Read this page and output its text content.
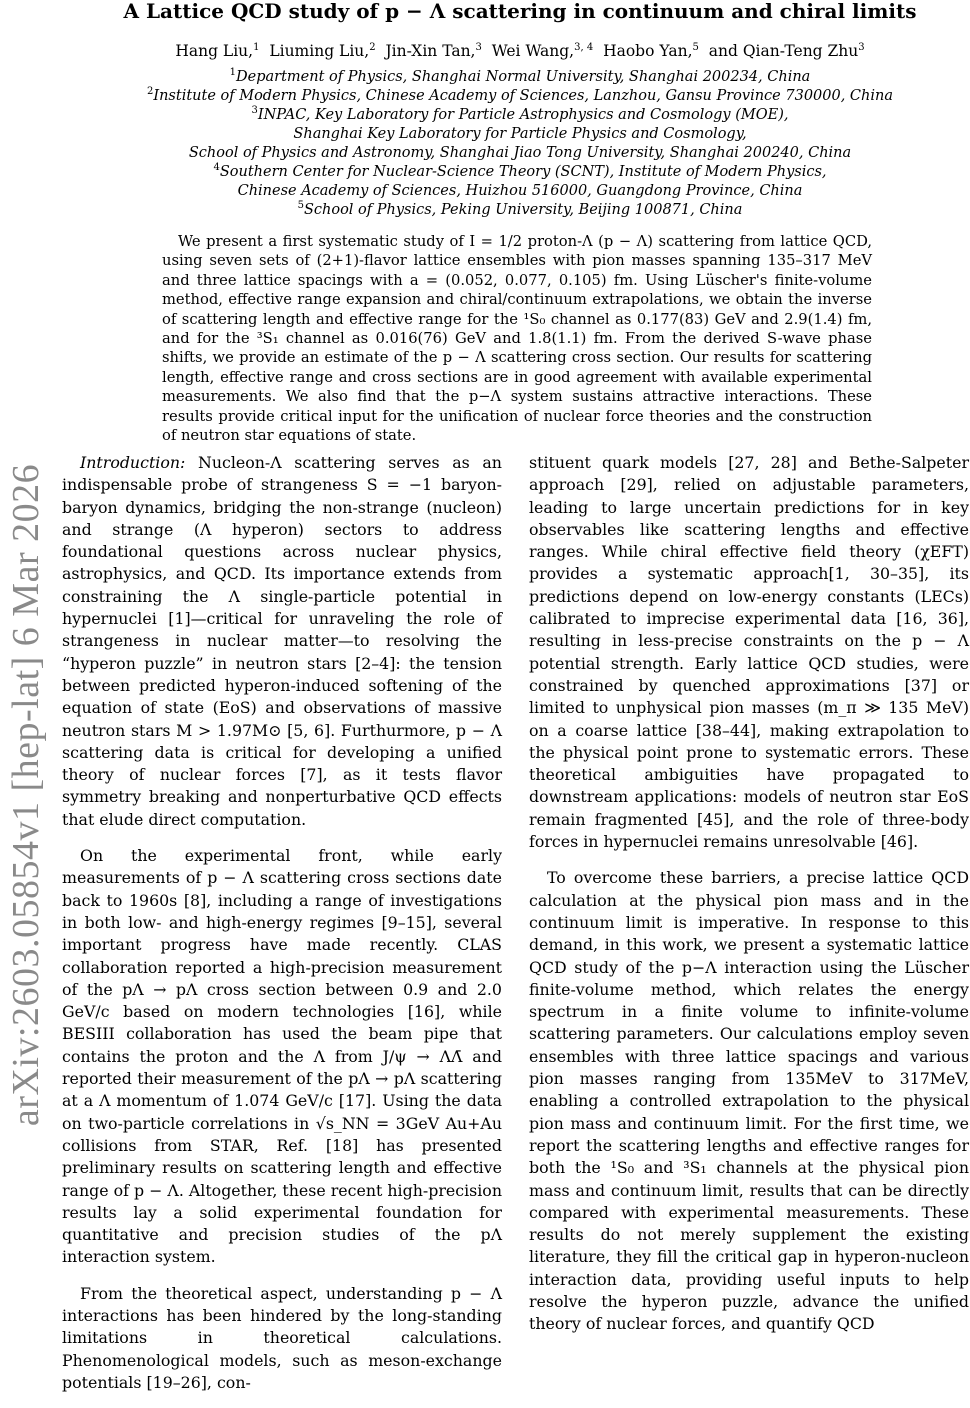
arXiv:2603.05854v1 [hep-lat] 6 Mar 2026
A Lattice QCD study of p − Λ scattering in continuum and chiral limits
Hang Liu,$^1$ Liuming Liu,$^2$ Jin-Xin Tan,$^3$ Wei Wang,$^{3, 4}$ Haobo Yan,$^5$ and Qian-Teng Zhu$^3$
$^1$Department of Physics, Shanghai Normal University, Shanghai 200234, China
$^2$Institute of Modern Physics, Chinese Academy of Sciences, Lanzhou, Gansu Province 730000, China
$^3$INPAC, Key Laboratory for Particle Astrophysics and Cosmology (MOE),
Shanghai Key Laboratory for Particle Physics and Cosmology,
School of Physics and Astronomy, Shanghai Jiao Tong University, Shanghai 200240, China
$^4$Southern Center for Nuclear-Science Theory (SCNT), Institute of Modern Physics,
Chinese Academy of Sciences, Huizhou 516000, Guangdong Province, China
$^5$School of Physics, Peking University, Beijing 100871, China
We present a first systematic study of I = 1/2 proton-Λ (p − Λ) scattering from lattice QCD, using seven sets of (2+1)-flavor lattice ensembles with pion masses spanning 135–317 MeV and three lattice spacings with a = (0.052, 0.077, 0.105) fm. Using Lüscher's finite-volume method, effective range expansion and chiral/continuum extrapolations, we obtain the inverse of scattering length and effective range for the ¹S₀ channel as 0.177(83) GeV and 2.9(1.4) fm, and for the ³S₁ channel as 0.016(76) GeV and 1.8(1.1) fm. From the derived S-wave phase shifts, we provide an estimate of the p − Λ scattering cross section. Our results for scattering length, effective range and cross sections are in good agreement with available experimental measurements. We also find that the p−Λ system sustains attractive interactions. These results provide critical input for the unification of nuclear force theories and the construction of neutron star equations of state.

Introduction: Nucleon-Λ scattering serves as an indispensable probe of strangeness S = −1 baryon-baryon dynamics, bridging the non-strange (nucleon) and strange (Λ hyperon) sectors to address foundational questions across nuclear physics, astrophysics, and QCD. Its importance extends from constraining the Λ single-particle potential in hypernuclei [1]—critical for unraveling the role of strangeness in nuclear matter—to resolving the “hyperon puzzle” in neutron stars [2–4]: the tension between predicted hyperon-induced softening of the equation of state (EoS) and observations of massive neutron stars M > 1.97M⊙ [5, 6]. Furthurmore, p − Λ scattering data is critical for developing a unified theory of nuclear forces [7], as it tests flavor symmetry breaking and nonperturbative QCD effects that elude direct computation.

On the experimental front, while early measurements of p − Λ scattering cross sections date back to 1960s [8], including a range of investigations in both low- and high-energy regimes [9–15], several important progress have made recently. CLAS collaboration reported a high-precision measurement of the pΛ → pΛ cross section between 0.9 and 2.0 GeV/c based on modern technologies [16], while BESIII collaboration has used the beam pipe that contains the proton and the Λ from J/ψ → ΛΛ̄ and reported their measurement of the pΛ → pΛ scattering at a Λ momentum of 1.074 GeV/c [17]. Using the data on two-particle correlations in √s_NN = 3GeV Au+Au collisions from STAR, Ref. [18] has presented preliminary results on scattering length and effective range of p − Λ. Altogether, these recent high-precision results lay a solid experimental foundation for quantitative and precision studies of the pΛ interaction system.

From the theoretical aspect, understanding p − Λ interactions has been hindered by the long-standing limitations in theoretical calculations. Phenomenological models, such as meson-exchange potentials [19–26], con-

stituent quark models [27, 28] and Bethe-Salpeter approach [29], relied on adjustable parameters, leading to large uncertain predictions for in key observables like scattering lengths and effective ranges. While chiral effective field theory (χEFT) provides a systematic approach[1, 30–35], its predictions depend on low-energy constants (LECs) calibrated to imprecise experimental data [16, 36], resulting in less-precise constraints on the p − Λ potential strength. Early lattice QCD studies, were constrained by quenched approximations [37] or limited to unphysical pion masses (m_π ≫ 135 MeV) on a coarse lattice [38–44], making extrapolation to the physical point prone to systematic errors. These theoretical ambiguities have propagated to downstream applications: models of neutron star EoS remain fragmented [45], and the role of three-body forces in hypernuclei remains unresolvable [46].

To overcome these barriers, a precise lattice QCD calculation at the physical pion mass and in the continuum limit is imperative. In response to this demand, in this work, we present a systematic lattice QCD study of the p−Λ interaction using the Lüscher finite-volume method, which relates the energy spectrum in a finite volume to infinite-volume scattering parameters. Our calculations employ seven ensembles with three lattice spacings and various pion masses ranging from 135MeV to 317MeV, enabling a controlled extrapolation to the physical pion mass and continuum limit. For the first time, we report the scattering lengths and effective ranges for both the ¹S₀ and ³S₁ channels at the physical pion mass and continuum limit, results that can be directly compared with experimental measurements. These results do not merely supplement the existing literature, they fill the critical gap in hyperon-nucleon interaction data, providing useful inputs to help resolve the hyperon puzzle, advance the unified theory of nuclear forces, and quantify QCD
